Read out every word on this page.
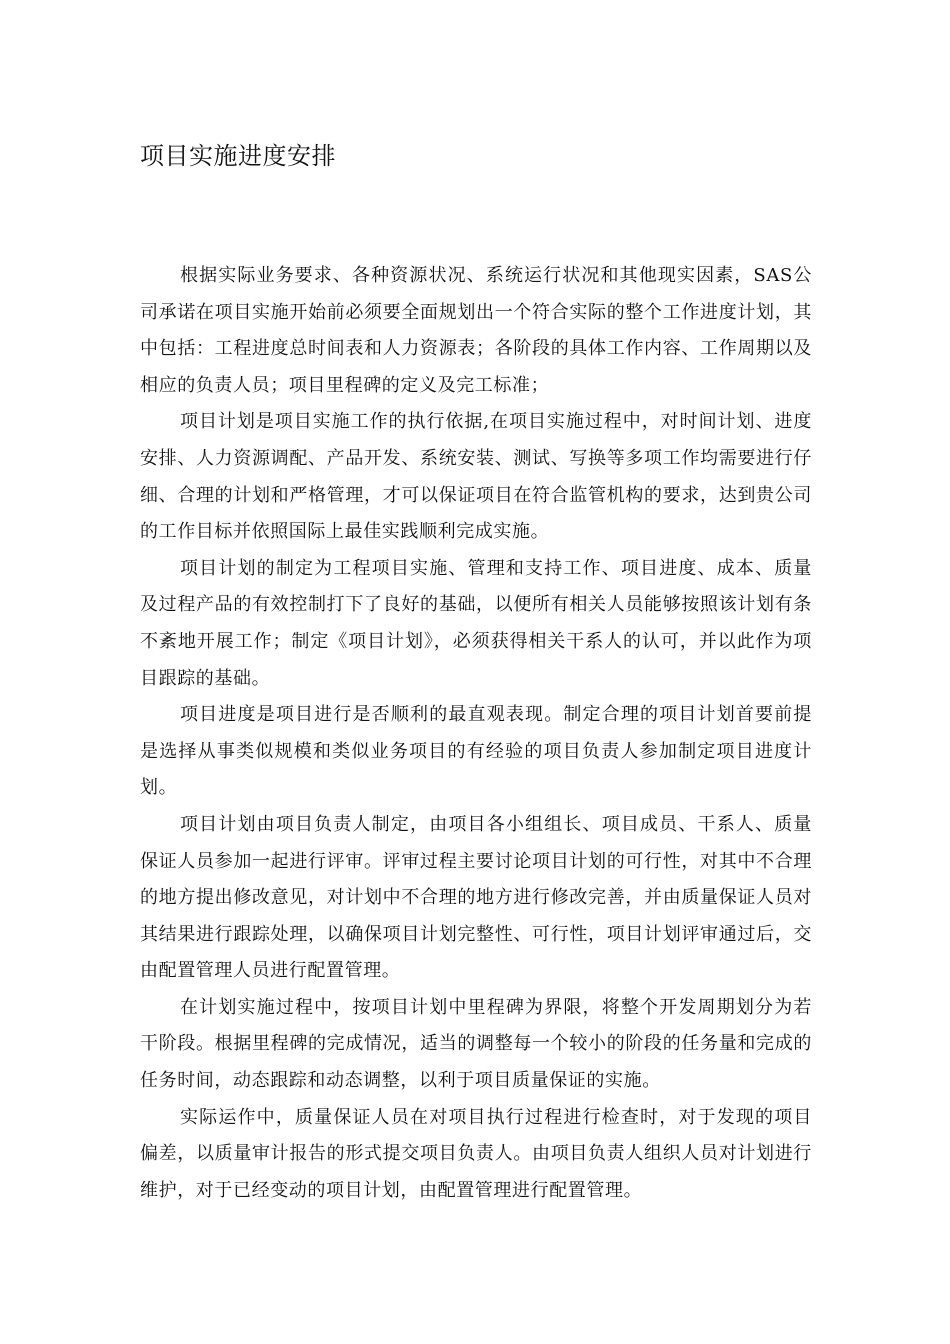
项目实施进度安排

根据实际业务要求、各种资源状况、系统运行状况和其他现实因素，SAS公司承诺在项目实施开始前必须要全面规划出一个符合实际的整个工作进度计划，其中包括：工程进度总时间表和人力资源表；各阶段的具体工作内容、工作周期以及相应的负责人员；项目里程碑的定义及完工标准；

项目计划是项目实施工作的执行依据,在项目实施过程中，对时间计划、进度安排、人力资源调配、产品开发、系统安装、测试、写换等多项工作均需要进行仔细、合理的计划和严格管理，才可以保证项目在符合监管机构的要求，达到贵公司的工作目标并依照国际上最佳实践顺利完成实施。

项目计划的制定为工程项目实施、管理和支持工作、项目进度、成本、质量及过程产品的有效控制打下了良好的基础，以便所有相关人员能够按照该计划有条不紊地开展工作；制定《项目计划》，必须获得相关干系人的认可，并以此作为项目跟踪的基础。

项目进度是项目进行是否顺利的最直观表现。制定合理的项目计划首要前提是选择从事类似规模和类似业务项目的有经验的项目负责人参加制定项目进度计划。

项目计划由项目负责人制定，由项目各小组组长、项目成员、干系人、质量保证人员参加一起进行评审。评审过程主要讨论项目计划的可行性，对其中不合理的地方提出修改意见，对计划中不合理的地方进行修改完善，并由质量保证人员对其结果进行跟踪处理，以确保项目计划完整性、可行性，项目计划评审通过后，交由配置管理人员进行配置管理。

在计划实施过程中，按项目计划中里程碑为界限，将整个开发周期划分为若干阶段。根据里程碑的完成情况，适当的调整每一个较小的阶段的任务量和完成的任务时间，动态跟踪和动态调整，以利于项目质量保证的实施。

实际运作中，质量保证人员在对项目执行过程进行检查时，对于发现的项目偏差，以质量审计报告的形式提交项目负责人。由项目负责人组织人员对计划进行维护，对于已经变动的项目计划，由配置管理进行配置管理。
